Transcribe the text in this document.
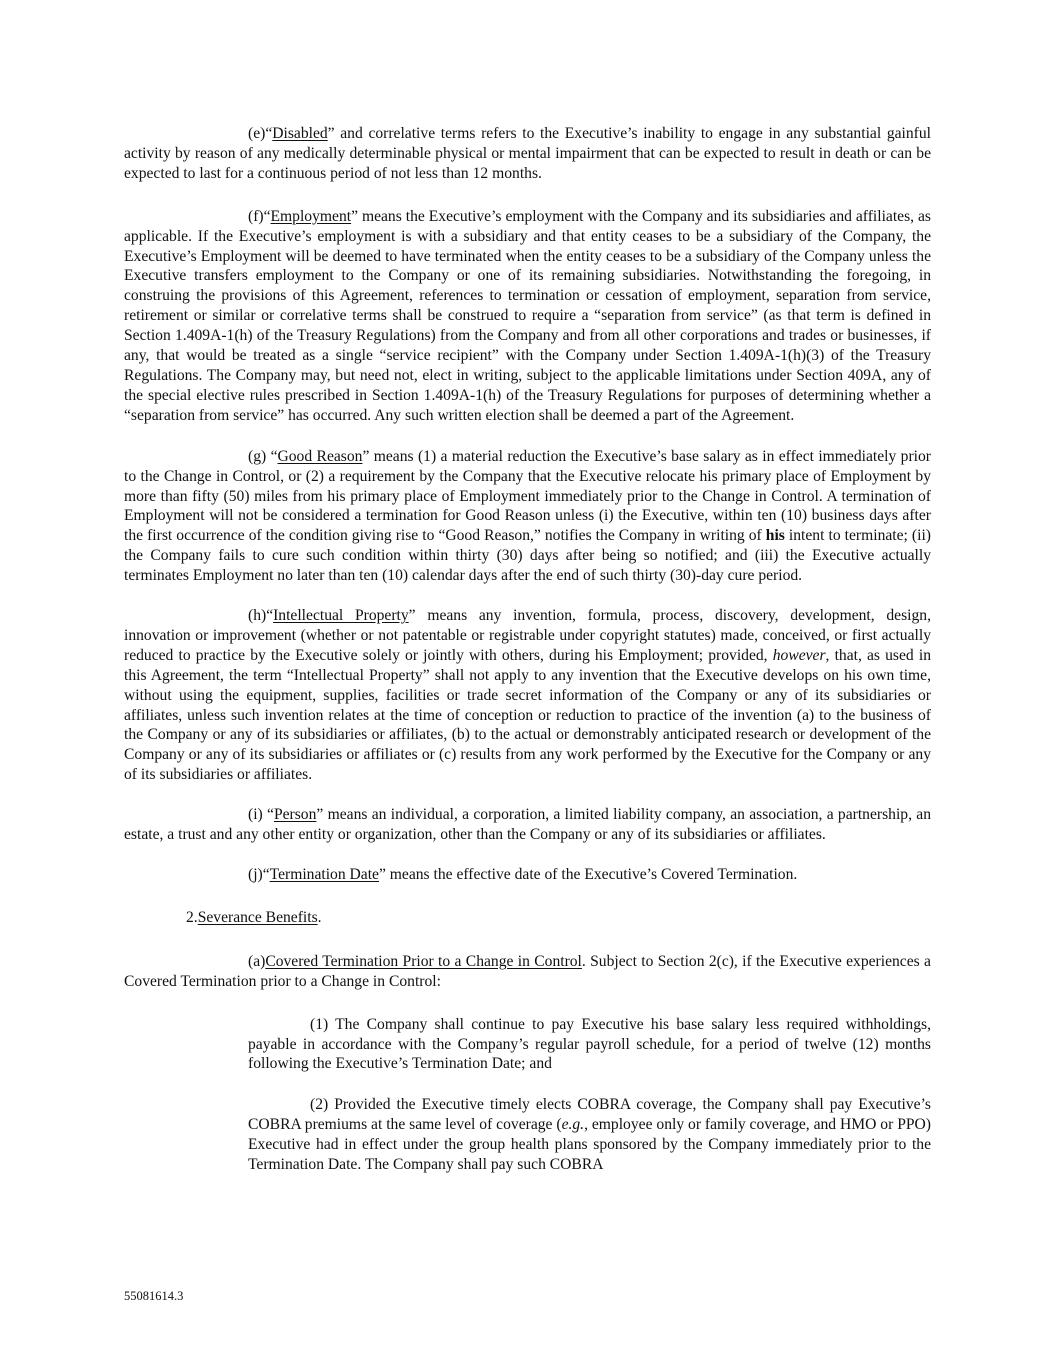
(e)“Disabled” and correlative terms refers to the Executive’s inability to engage in any substantial gainful activity by reason of any medically determinable physical or mental impairment that can be expected to result in death or can be expected to last for a continuous period of not less than 12 months.

(f)“Employment” means the Executive’s employment with the Company and its subsidiaries and affiliates, as applicable. If the Executive’s employment is with a subsidiary and that entity ceases to be a subsidiary of the Company, the Executive’s Employment will be deemed to have terminated when the entity ceases to be a subsidiary of the Company unless the Executive transfers employment to the Company or one of its remaining subsidiaries. Notwithstanding the foregoing, in construing the provisions of this Agreement, references to termination or cessation of employment, separation from service, retirement or similar or correlative terms shall be construed to require a “separation from service” (as that term is defined in Section 1.409A-1(h) of the Treasury Regulations) from the Company and from all other corporations and trades or businesses, if any, that would be treated as a single “service recipient” with the Company under Section 1.409A-1(h)(3) of the Treasury Regulations. The Company may, but need not, elect in writing, subject to the applicable limitations under Section 409A, any of the special elective rules prescribed in Section 1.409A-1(h) of the Treasury Regulations for purposes of determining whether a “separation from service” has occurred. Any such written election shall be deemed a part of the Agreement.

(g) “Good Reason” means (1) a material reduction the Executive’s base salary as in effect immediately prior to the Change in Control, or (2) a requirement by the Company that the Executive relocate his primary place of Employment by more than fifty (50) miles from his primary place of Employment immediately prior to the Change in Control. A termination of Employment will not be considered a termination for Good Reason unless (i) the Executive, within ten (10) business days after the first occurrence of the condition giving rise to “Good Reason,” notifies the Company in writing of his intent to terminate; (ii) the Company fails to cure such condition within thirty (30) days after being so notified; and (iii) the Executive actually terminates Employment no later than ten (10) calendar days after the end of such thirty (30)-day cure period.

(h)“Intellectual Property” means any invention, formula, process, discovery, development, design, innovation or improvement (whether or not patentable or registrable under copyright statutes) made, conceived, or first actually reduced to practice by the Executive solely or jointly with others, during his Employment; provided, however, that, as used in this Agreement, the term “Intellectual Property” shall not apply to any invention that the Executive develops on his own time, without using the equipment, supplies, facilities or trade secret information of the Company or any of its subsidiaries or affiliates, unless such invention relates at the time of conception or reduction to practice of the invention (a) to the business of the Company or any of its subsidiaries or affiliates, (b) to the actual or demonstrably anticipated research or development of the Company or any of its subsidiaries or affiliates or (c) results from any work performed by the Executive for the Company or any of its subsidiaries or affiliates.

(i) “Person” means an individual, a corporation, a limited liability company, an association, a partnership, an estate, a trust and any other entity or organization, other than the Company or any of its subsidiaries or affiliates.

(j)“Termination Date” means the effective date of the Executive’s Covered Termination.

2.Severance Benefits.

(a)Covered Termination Prior to a Change in Control. Subject to Section 2(c), if the Executive experiences a Covered Termination prior to a Change in Control:

(1) The Company shall continue to pay Executive his base salary less required withholdings, payable in accordance with the Company’s regular payroll schedule, for a period of twelve (12) months following the Executive’s Termination Date; and

(2) Provided the Executive timely elects COBRA coverage, the Company shall pay Executive’s COBRA premiums at the same level of coverage (e.g., employee only or family coverage, and HMO or PPO) Executive had in effect under the group health plans sponsored by the Company immediately prior to the Termination Date. The Company shall pay such COBRA

55081614.3
